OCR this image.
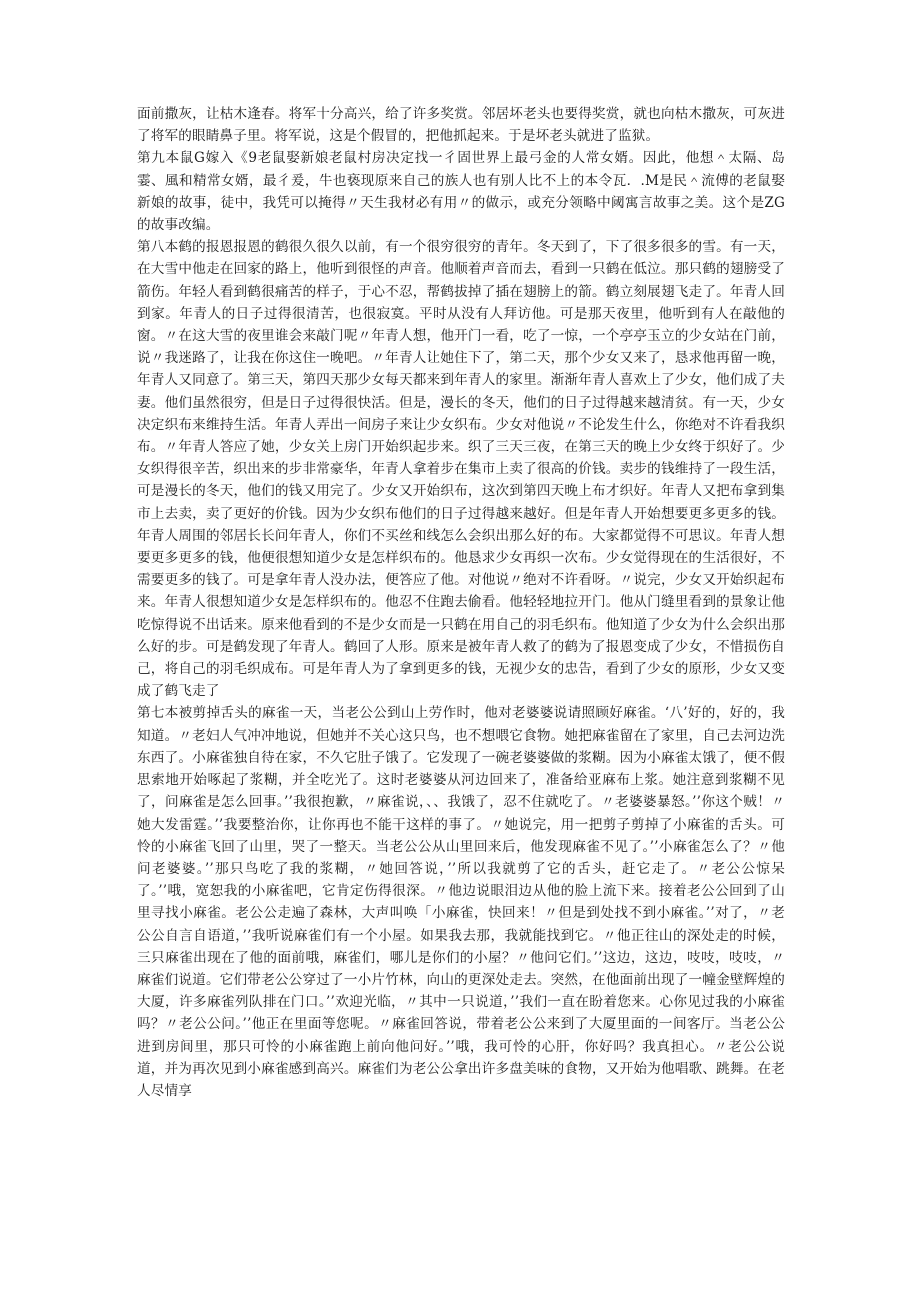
面前撒灰，让枯木逢春。将军十分高兴，给了许多奖赏。邻居坏老头也要得奖赏，就也向枯木撒灰，可灰进了将军的眼睛鼻子里。将军说，这是个假冒的，把他抓起来。于是坏老头就进了监狱。

第九本鼠G嫁入《9老鼠娶新娘老鼠村房决定找一彳固世界上最弓金的人常女婿。因此，他想＾太隔、岛霎、風和精常女婿，最彳爰，牛也亵现原来自己的族人也有别人比不上的本令瓦．.M是民＾流傅的老鼠娶新娘的故事，徒中，我凭可以掩得〃天生我材必有用〃的做示，或充分领略中阈寓言故事之美。这个是ZG的故事改编。

第八本鹤的报恩报恩的鹤很久很久以前，有一个很穷很穷的青年。冬天到了，下了很多很多的雪。有一天，在大雪中他走在回家的路上，他听到很怪的声音。他顺着声音而去，看到一只鹤在低泣。那只鹤的翅膀受了箭伤。年轻人看到鹤很痛苦的样子，于心不忍，帮鹤拔掉了插在翅膀上的箭。鹤立刻展翅飞走了。年青人回到家。年青人的日子过得很清苦，也很寂寞。平时从没有人拜访他。可是那天夜里，他听到有人在敲他的窗。〃在这大雪的夜里谁会来敲门呢〃年青人想，他开门一看，吃了一惊，一个亭亭玉立的少女站在门前，说〃我迷路了，让我在你这住一晚吧。〃年青人让她住下了，第二天，那个少女又来了，恳求他再留一晚，年青人又同意了。第三天，第四天那少女每天都来到年青人的家里。渐渐年青人喜欢上了少女，他们成了夫妻。他们虽然很穷，但是日子过得很快活。但是，漫长的冬天，他们的日子过得越来越清贫。有一天，少女决定织布来维持生活。年青人弄出一间房子来让少女织布。少女对他说〃不论发生什么，你绝对不许看我织布。〃年青人答应了她，少女关上房门开始织起步来。织了三天三夜，在第三天的晚上少女终于织好了。少女织得很辛苦，织出来的步非常豪华，年青人拿着步在集市上卖了很高的价钱。卖步的钱维持了一段生活，可是漫长的冬天，他们的钱又用完了。少女又开始织布，这次到第四天晚上布才织好。年青人又把布拿到集市上去卖，卖了更好的价钱。因为少女织布他们的日子过得越来越好。但是年青人开始想要更多更多的钱。年青人周围的邻居长长问年青人，你们不买丝和线怎么会织出那么好的布。大家都觉得不可思议。年青人想要更多更多的钱，他便很想知道少女是怎样织布的。他恳求少女再织一次布。少女觉得现在的生活很好，不需要更多的钱了。可是拿年青人没办法，便答应了他。对他说〃绝对不许看呀。〃说完，少女又开始织起布来。年青人很想知道少女是怎样织布的。他忍不住跑去偷看。他轻轻地拉开门。他从门缝里看到的景象让他吃惊得说不出话来。原来他看到的不是少女而是一只鹤在用自己的羽毛织布。他知道了少女为什么会织出那么好的步。可是鹤发现了年青人。鹤回了人形。原来是被年青人救了的鹤为了报恩变成了少女，不惜损伤自己，将自己的羽毛织成布。可是年青人为了拿到更多的钱，无视少女的忠告，看到了少女的原形，少女又变成了鹤飞走了

第七本被剪掉舌头的麻雀一天，当老公公到山上劳作时，他对老婆婆说请照顾好麻雀。‘八’好的，好的，我知道。〃老妇人气冲冲地说，但她并不关心这只鸟，也不想喂它食物。她把麻雀留在了家里，自己去河边洗东西了。小麻雀独自待在家，不久它肚子饿了。它发现了一碗老婆婆做的浆糊。因为小麻雀太饿了，便不假思索地开始啄起了浆糊，并全吃光了。这时老婆婆从河边回来了，准备给亚麻布上浆。她注意到浆糊不见了，问麻雀是怎么回事。’’我很抱歉，〃麻雀说，、、我饿了，忍不住就吃了。〃老婆婆暴怒。’’你这个贼！〃她大发雷霆。’’我要整治你，让你再也不能干这样的事了。〃她说完，用一把剪子剪掉了小麻雀的舌头。可怜的小麻雀飞回了山里，哭了一整天。当老公公从山里回来后，他发现麻雀不见了。’’小麻雀怎么了？〃他问老婆婆。’’那只鸟吃了我的浆糊，〃她回答说，’’所以我就剪了它的舌头，赶它走了。〃老公公惊呆了。’’哦，宽恕我的小麻雀吧，它肯定伤得很深。〃他边说眼泪边从他的脸上流下来。接着老公公回到了山里寻找小麻雀。老公公走遍了森林，大声叫唤「小麻雀，快回来！〃但是到处找不到小麻雀。’’对了，〃老公公自言自语道，’’我听说麻雀们有一个小屋。如果我去那，我就能找到它。〃他正往山的深处走的时候，三只麻雀出现在了他的面前哦，麻雀们，哪儿是你们的小屋？〃他问它们。’’这边，这边，吱吱，吱吱，〃麻雀们说道。它们带老公公穿过了一小片竹林，向山的更深处走去。突然，在他面前出现了一幢金壁辉煌的大厦，许多麻雀列队排在门口。’’欢迎光临，〃其中一只说道，’’我们一直在盼着您来。心你见过我的小麻雀吗？〃老公公问。’’他正在里面等您呢。〃麻雀回答说，带着老公公来到了大厦里面的一间客厅。当老公公进到房间里，那只可怜的小麻雀跑上前向他问好。’’哦，我可怜的心肝，你好吗？我真担心。〃老公公说道，并为再次见到小麻雀感到高兴。麻雀们为老公公拿出许多盘美味的食物，又开始为他唱歌、跳舞。在老人尽情享
